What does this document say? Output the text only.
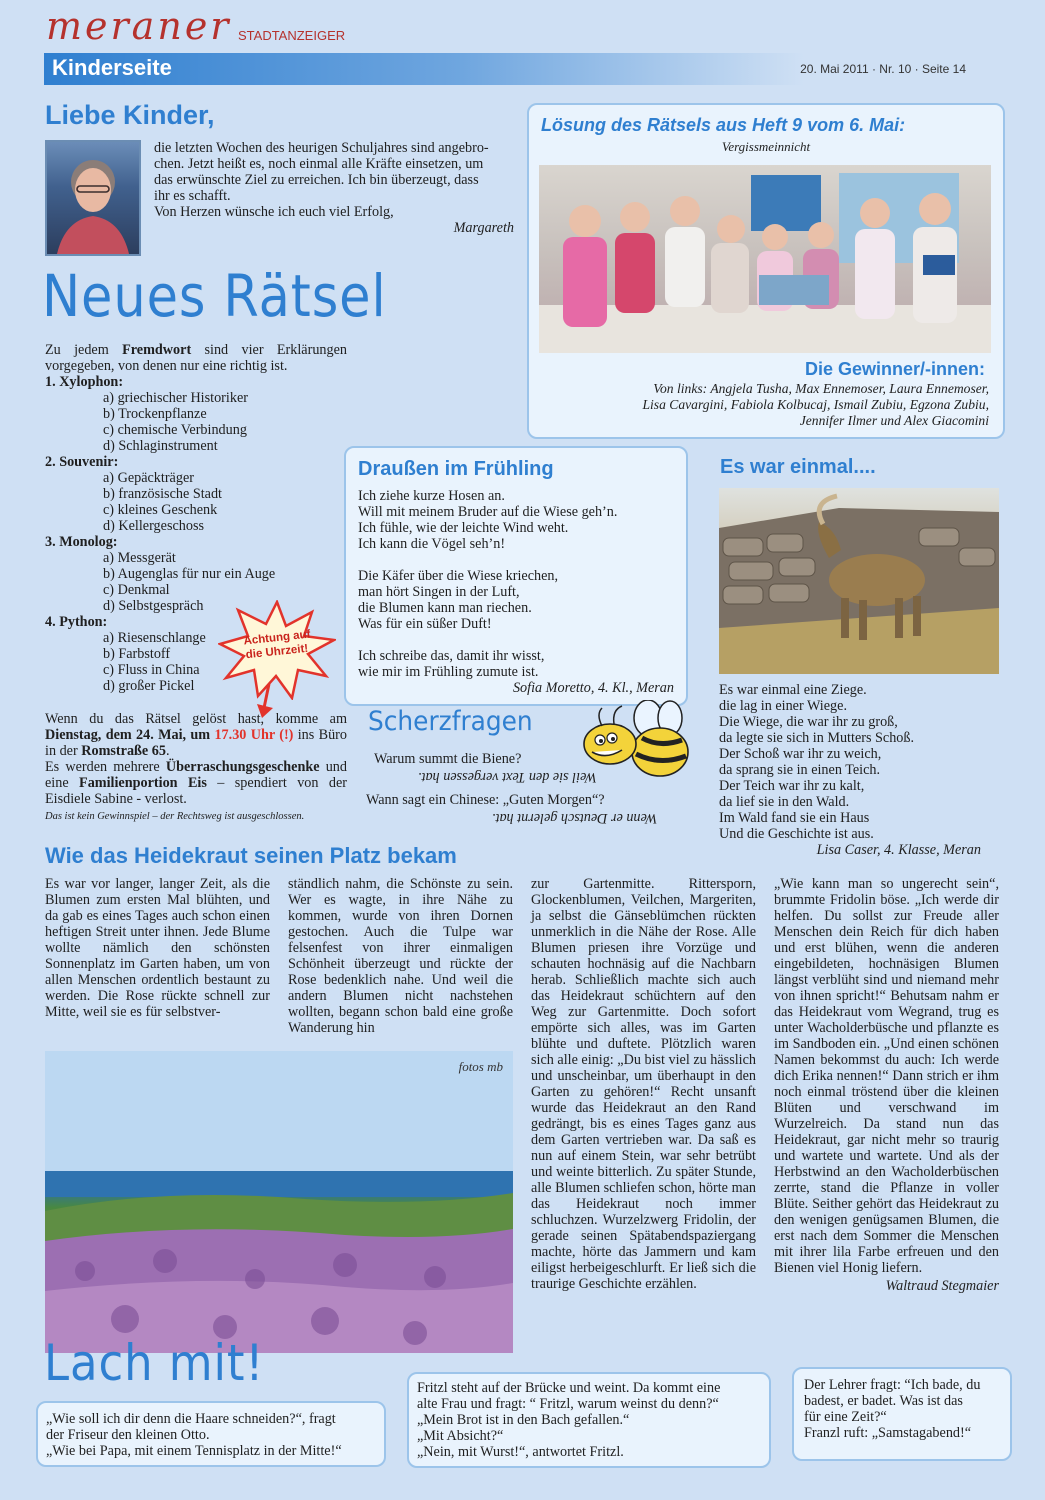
meraner STADTANZEIGER
Kinderseite	20. Mai 2011 · Nr. 10 · Seite 14
Liebe Kinder,

die letzten Wochen des heurigen Schuljahres sind angebro-

chen. Jetzt heißt es, noch einmal alle Kräfte einsetzen, um

das erwünschte Ziel zu erreichen. Ich bin überzeugt, dass

ihr es schafft.

Von Herzen wünsche ich euch viel Erfolg,

Margareth

Lösung des Rätsels aus Heft 9 vom 6. Mai:
Vergissmeinnicht
Die Gewinner/-innen:

Von links: Angjela Tusha, Max Ennemoser, Laura Ennemoser,

Lisa Cavargini, Fabiola Kolbucaj, Ismail Zubiu, Egzona Zubiu,

Jennifer Ilmer und Alex Giacomini

Neues Rätsel
Zu jedem Fremdwort sind vier Erklärungen vorgegeben, von denen nur eine richtig ist.
1. Xylophon:

a) griechischer Historiker

b) Trockenpflanze

c) chemische Verbindung

d) Schlaginstrument

2. Souvenir:

a) Gepäckträger

b) französische Stadt

c) kleines Geschenk

d) Kellergeschoss

3. Monolog:

a) Messgerät

b) Augenglas für nur ein Auge

c) Denkmal

d) Selbstgespräch

4. Python:

a) Riesenschlange

b) Farbstoff

c) Fluss in China

d) großer Pickel

Achtung auf
die Uhrzeit!

Wenn du das Rätsel gelöst hast, komme am Dienstag, dem 24. Mai, um 17.30 Uhr (!) ins Büro in der Romstraße 65.

Es werden mehrere Überraschungsgeschenke und eine Familienportion Eis – spendiert von der Eisdiele Sabine - verlost.

Das ist kein Gewinnspiel – der Rechtsweg ist ausgeschlossen.

Draußen im Frühling

Ich ziehe kurze Hosen an.

Will mit meinem Bruder auf die Wiese geh’n.

Ich fühle, wie der leichte Wind weht.

Ich kann die Vögel seh’n!

Die Käfer über die Wiese kriechen,

man hört Singen in der Luft,

die Blumen kann man riechen.

Was für ein süßer Duft!

Ich schreibe das, damit ihr wisst,

wie mir im Frühling zumute ist.

Sofia Moretto, 4. Kl., Meran

Scherzfragen
Warum summt die Biene?
Weil sie den Text vergessen hat.
Wann sagt ein Chinese: „Guten Morgen“?
Wenn er Deutsch gelernt hat.
Es war einmal....

Es war einmal eine Ziege.

die lag in einer Wiege.

Die Wiege, die war ihr zu groß,

da legte sie sich in Mutters Schoß.

Der Schoß war ihr zu weich,

da sprang sie in einen Teich.

Der Teich war ihr zu kalt,

da lief sie in den Wald.

Im Wald fand sie ein Haus

Und die Geschichte ist aus.

Lisa Caser, 4. Klasse, Meran

Wie das Heidekraut seinen Platz bekam
Es war vor langer, langer Zeit, als die Blumen zum ersten Mal blühten, und da gab es eines Tages auch schon einen heftigen Streit unter ihnen. Jede Blume wollte nämlich den schönsten Sonnenplatz im Garten haben, um von allen Menschen ordentlich bestaunt zu werden. Die Rose rückte schnell zur Mitte, weil sie es für selbstver-
ständlich nahm, die Schönste zu sein. Wer es wagte, in ihre Nähe zu kommen, wurde von ihren Dornen gestochen. Auch die Tulpe war felsenfest von ihrer einmaligen Schönheit überzeugt und rückte der Rose bedenklich nahe. Und weil die andern Blumen nicht nachstehen wollten, begann schon bald eine große Wanderung hin
zur Gartenmitte. Rittersporn, Glockenblumen, Veilchen, Margeriten, ja selbst die Gänseblümchen rückten unmerklich in die Nähe der Rose. Alle Blumen priesen ihre Vorzüge und schauten hochnäsig auf die Nachbarn herab. Schließlich machte sich auch das Heidekraut schüchtern auf den Weg zur Gartenmitte. Doch sofort empörte sich alles, was im Garten blühte und duftete. Plötzlich waren sich alle einig: „Du bist viel zu hässlich und unscheinbar, um überhaupt in den Garten zu gehören!“ Recht unsanft wurde das Heidekraut an den Rand gedrängt, bis es eines Tages ganz aus dem Garten vertrieben war. Da saß es nun auf einem Stein, war sehr betrübt und weinte bitterlich. Zu später Stunde, alle Blumen schliefen schon, hörte man das Heidekraut noch immer schluchzen. Wurzelzwerg Fridolin, der gerade seinen Spätabendspaziergang machte, hörte das Jammern und kam eiligst herbeigeschlurft. Er ließ sich die traurige Geschichte erzählen.
„Wie kann man so ungerecht sein“, brummte Fridolin böse. „Ich werde dir helfen. Du sollst zur Freude aller Menschen dein Reich für dich haben und erst blühen, wenn die anderen eingebildeten, hochnäsigen Blumen längst verblüht sind und niemand mehr von ihnen spricht!“ Behutsam nahm er das Heidekraut vom Wegrand, trug es unter Wacholderbüsche und pflanzte es im Sandboden ein. „Und einen schönen Namen bekommst du auch: Ich werde dich Erika nennen!“ Dann strich er ihm noch einmal tröstend über die kleinen Blüten und verschwand im Wurzelreich. Da stand nun das Heidekraut, gar nicht mehr so traurig und wartete und wartete. Und als der Herbstwind an den Wacholderbüschen zerrte, stand die Pflanze in voller Blüte. Seither gehört das Heidekraut zu den wenigen genügsamen Blumen, die erst nach dem Sommer die Menschen mit ihrer lila Farbe erfreuen und den Bienen viel Honig liefern.

Waltraud Stegmaier

fotos mb
Lach mit!

„Wie soll ich dir denn die Haare schneiden?“, fragt

der Friseur den kleinen Otto.

„Wie bei Papa, mit einem Tennisplatz in der Mitte!“

Fritzl steht auf der Brücke und weint. Da kommt eine

alte Frau und fragt: “ Fritzl, warum weinst du denn?“

„Mein Brot ist in den Bach gefallen.“

„Mit Absicht?“

„Nein, mit Wurst!“, antwortet Fritzl.

Der Lehrer fragt: “Ich bade, du

badest, er badet. Was ist das

für eine Zeit?“

Franzl ruft: „Samstagabend!“
